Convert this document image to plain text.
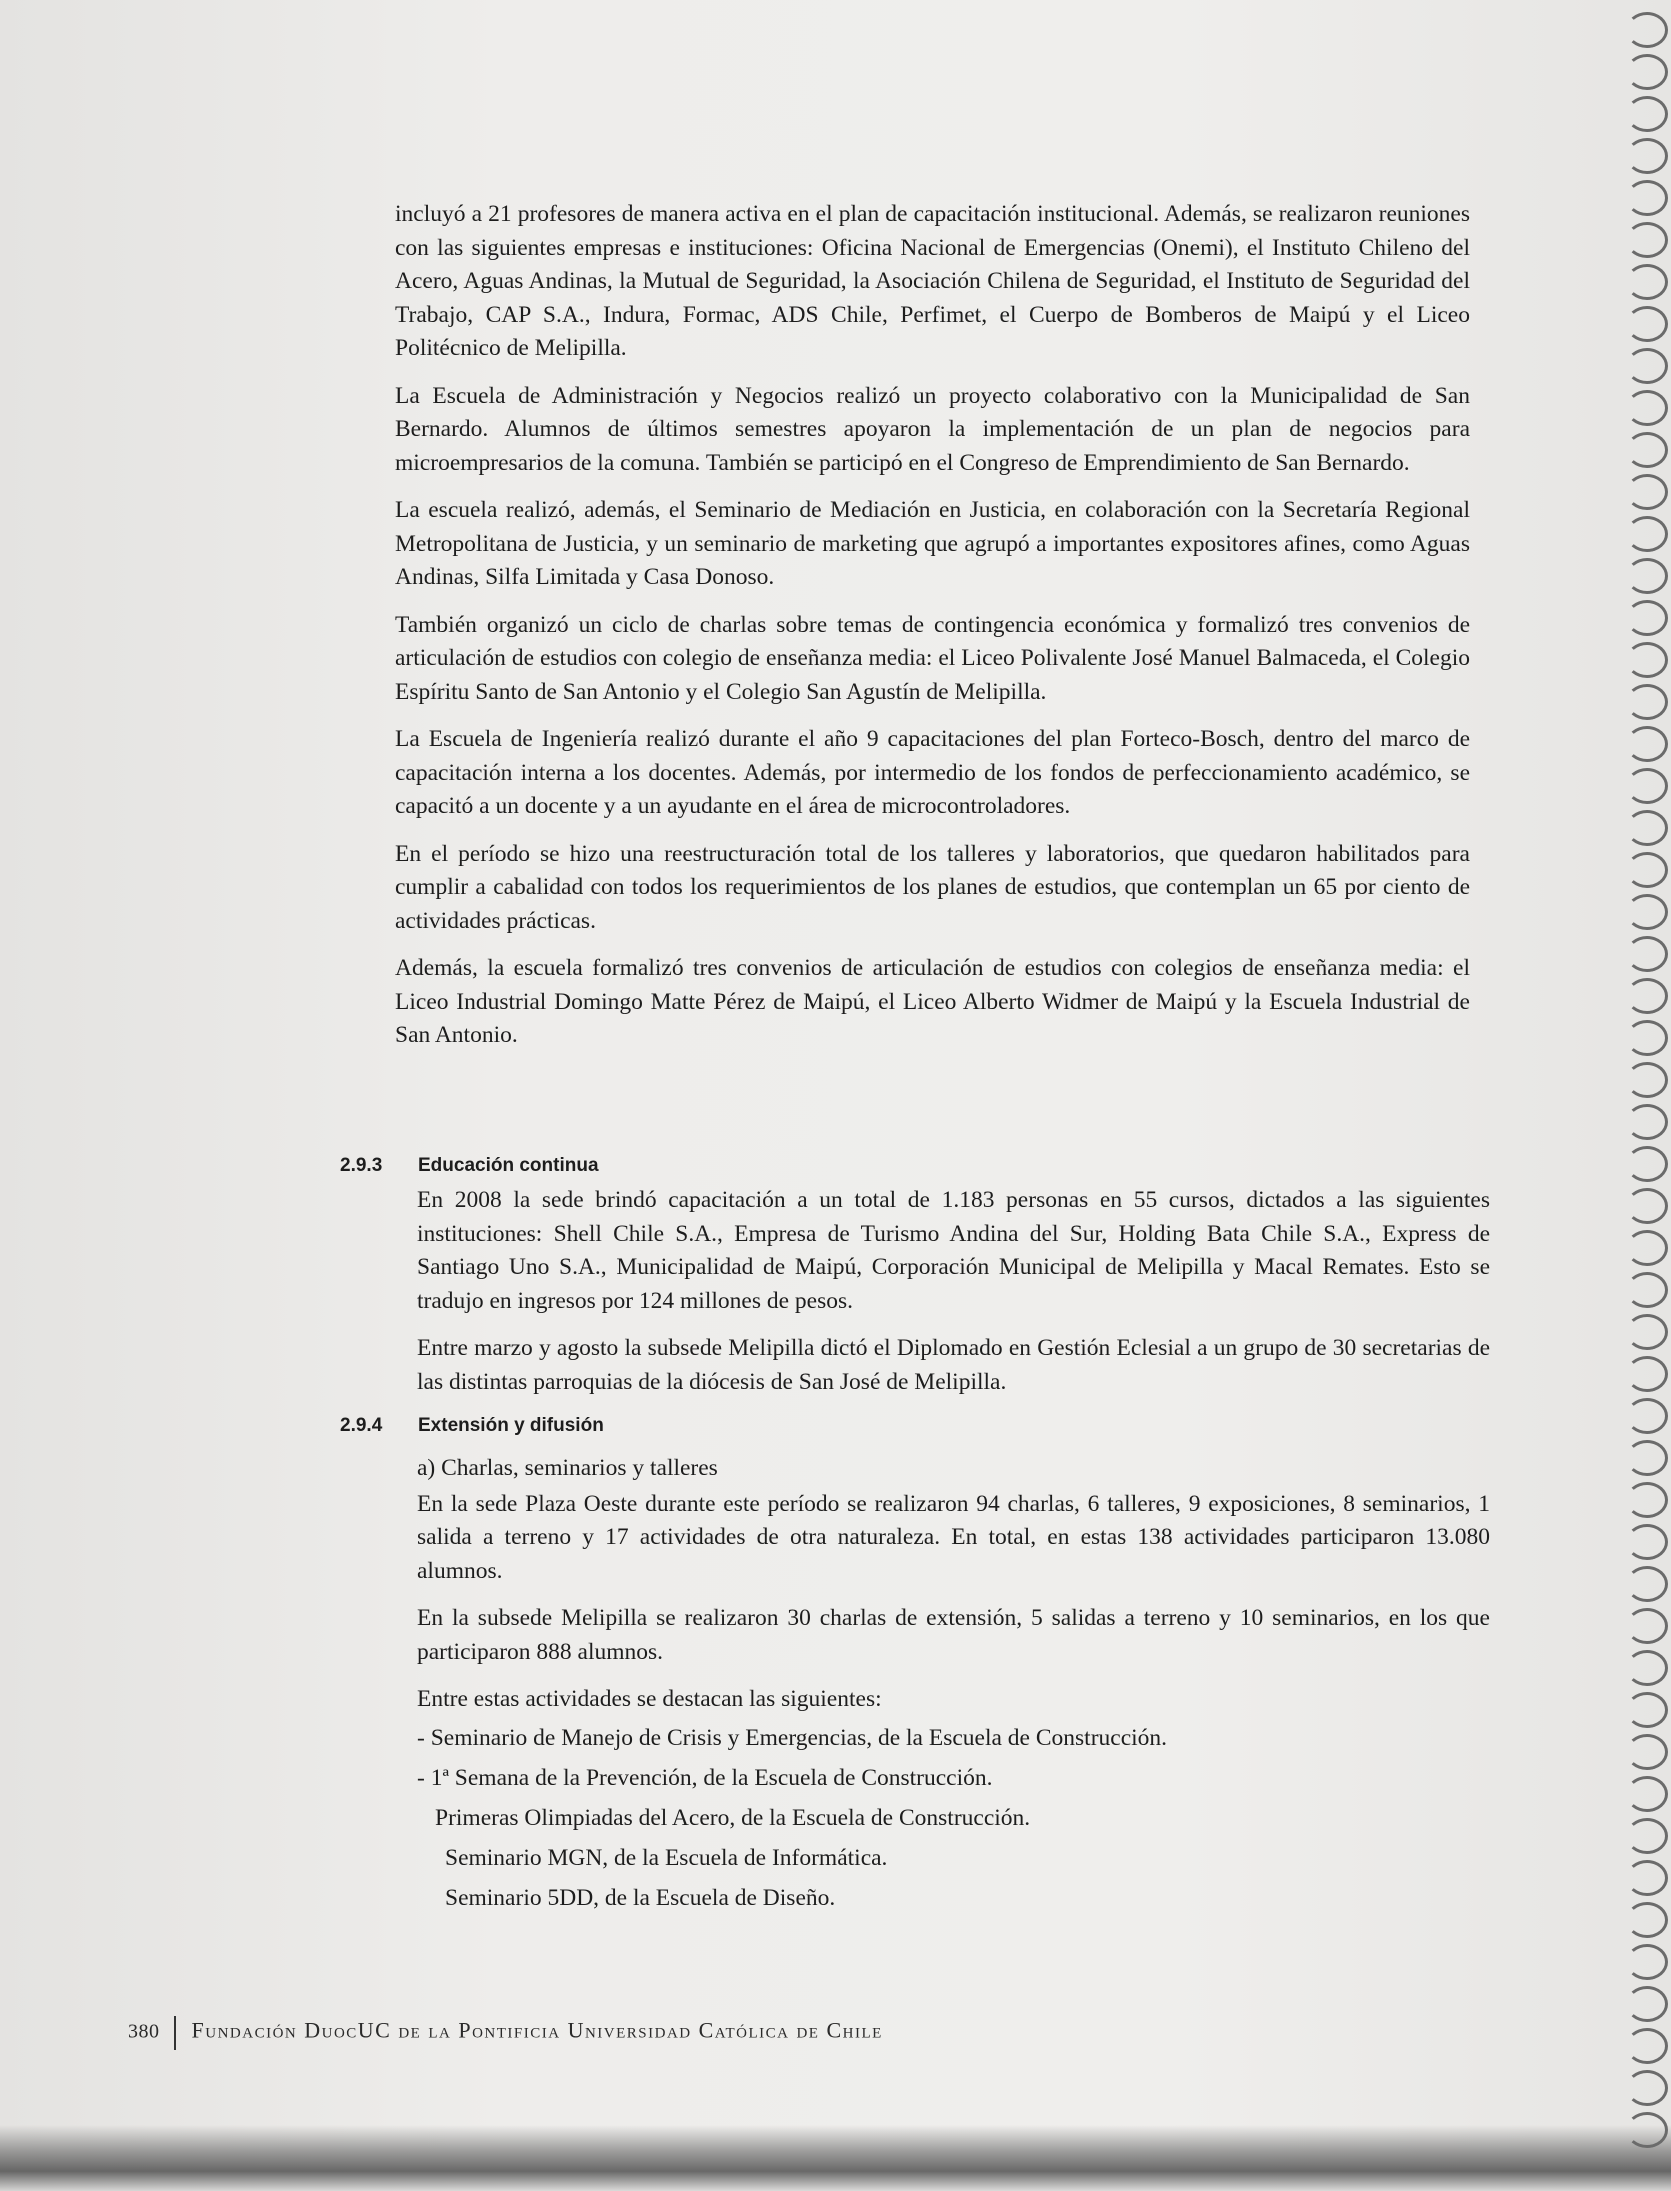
incluyó a 21 profesores de manera activa en el plan de capacitación institucional. Además, se realizaron reuniones con las siguientes empresas e instituciones: Oficina Nacional de Emergencias (Onemi), el Instituto Chileno del Acero, Aguas Andinas, la Mutual de Seguridad, la Asociación Chilena de Seguridad, el Instituto de Seguridad del Trabajo, CAP S.A., Indura, Formac, ADS Chile, Perfimet, el Cuerpo de Bomberos de Maipú y el Liceo Politécnico de Melipilla.

La Escuela de Administración y Negocios realizó un proyecto colaborativo con la Municipalidad de San Bernardo. Alumnos de últimos semestres apoyaron la implementación de un plan de negocios para microempresarios de la comuna. También se participó en el Congreso de Emprendimiento de San Bernardo.

La escuela realizó, además, el Seminario de Mediación en Justicia, en colaboración con la Secretaría Regional Metropolitana de Justicia, y un seminario de marketing que agrupó a importantes expositores afines, como Aguas Andinas, Silfa Limitada y Casa Donoso.

También organizó un ciclo de charlas sobre temas de contingencia económica y formalizó tres convenios de articulación de estudios con colegio de enseñanza media: el Liceo Polivalente José Manuel Balmaceda, el Colegio Espíritu Santo de San Antonio y el Colegio San Agustín de Melipilla.

La Escuela de Ingeniería realizó durante el año 9 capacitaciones del plan Forteco-Bosch, dentro del marco de capacitación interna a los docentes. Además, por intermedio de los fondos de perfeccionamiento académico, se capacitó a un docente y a un ayudante en el área de microcontroladores.

En el período se hizo una reestructuración total de los talleres y laboratorios, que quedaron habilitados para cumplir a cabalidad con todos los requerimientos de los planes de estudios, que contemplan un 65 por ciento de actividades prácticas.

Además, la escuela formalizó tres convenios de articulación de estudios con colegios de enseñanza media: el Liceo Industrial Domingo Matte Pérez de Maipú, el Liceo Alberto Widmer de Maipú y la Escuela Industrial de San Antonio.

2.9.3 Educación continua

En 2008 la sede brindó capacitación a un total de 1.183 personas en 55 cursos, dictados a las siguientes instituciones: Shell Chile S.A., Empresa de Turismo Andina del Sur, Holding Bata Chile S.A., Express de Santiago Uno S.A., Municipalidad de Maipú, Corporación Municipal de Melipilla y Macal Remates. Esto se tradujo en ingresos por 124 millones de pesos.

Entre marzo y agosto la subsede Melipilla dictó el Diplomado en Gestión Eclesial a un grupo de 30 secretarias de las distintas parroquias de la diócesis de San José de Melipilla.

2.9.4 Extensión y difusión

a) Charlas, seminarios y talleres

En la sede Plaza Oeste durante este período se realizaron 94 charlas, 6 talleres, 9 exposiciones, 8 seminarios, 1 salida a terreno y 17 actividades de otra naturaleza. En total, en estas 138 actividades participaron 13.080 alumnos.

En la subsede Melipilla se realizaron 30 charlas de extensión, 5 salidas a terreno y 10 seminarios, en los que participaron 888 alumnos.

Entre estas actividades se destacan las siguientes:

- Seminario de Manejo de Crisis y Emergencias, de la Escuela de Construcción.
- 1ª Semana de la Prevención, de la Escuela de Construcción.
Primeras Olimpiadas del Acero, de la Escuela de Construcción.
Seminario MGN, de la Escuela de Informática.
Seminario 5DD, de la Escuela de Diseño.
380 Fundación DuocUC de la Pontificia Universidad Católica de Chile
